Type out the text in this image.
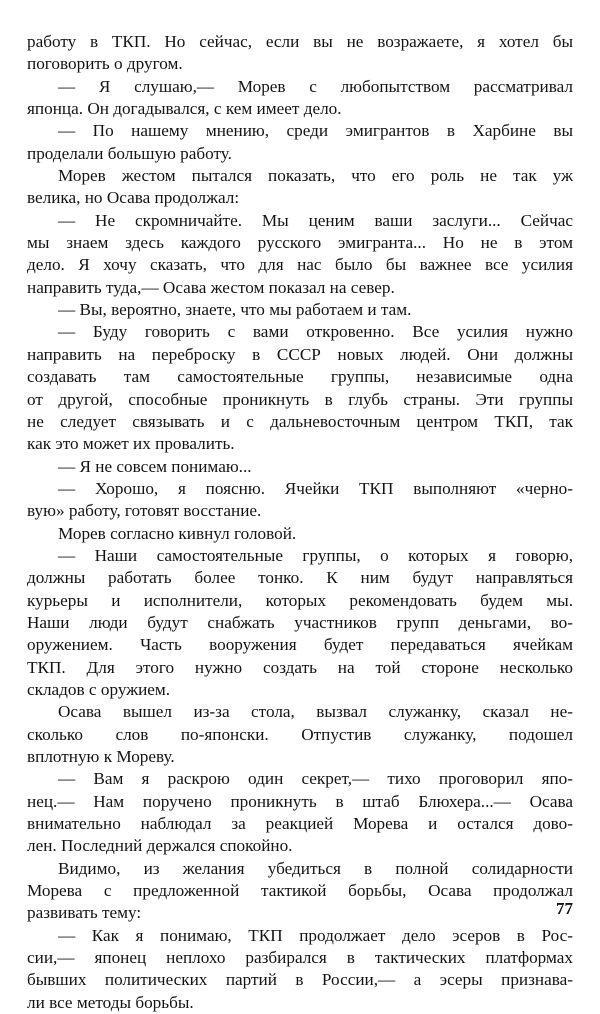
работу в ТКП. Но сейчас, если вы не возражаете, я хотел бы
поговорить о другом.
— Я слушаю,— Морев с любопытством рассматривал
японца. Он догадывался, с кем имеет дело.
— По нашему мнению, среди эмигрантов в Харбине вы
проделали большую работу.
Морев жестом пытался показать, что его роль не так уж
велика, но Осава продолжал:
— Не скромничайте. Мы ценим ваши заслуги... Сейчас
мы знаем здесь каждого русского эмигранта... Но не в этом
дело. Я хочу сказать, что для нас было бы важнее все усилия
направить туда,— Осава жестом показал на север.
— Вы, вероятно, знаете, что мы работаем и там.
— Буду говорить с вами откровенно. Все усилия нужно
направить на переброску в СССР новых людей. Они должны
создавать там самостоятельные группы, независимые одна
от другой, способные проникнуть в глубь страны. Эти группы
не следует связывать и с дальневосточным центром ТКП, так
как это может их провалить.
— Я не совсем понимаю...
— Хорошо, я поясню. Ячейки ТКП выполняют «черно-
вую» работу, готовят восстание.
Морев согласно кивнул головой.
— Наши самостоятельные группы, о которых я говорю,
должны работать более тонко. К ним будут направляться
курьеры и исполнители, которых рекомендовать будем мы.
Наши люди будут снабжать участников групп деньгами, во-
оружением. Часть вооружения будет передаваться ячейкам
ТКП. Для этого нужно создать на той стороне несколько
складов с оружием.
Осава вышел из-за стола, вызвал служанку, сказал не-
сколько слов по-японски. Отпустив служанку, подошел
вплотную к Мореву.
— Вам я раскрою один секрет,— тихо проговорил япо-
нец.— Нам поручено проникнуть в штаб Блюхера...— Осава
внимательно наблюдал за реакцией Морева и остался дово-
лен. Последний держался спокойно.
Видимо, из желания убедиться в полной солидарности
Морева с предложенной тактикой борьбы, Осава продолжал
развивать тему:
— Как я понимаю, ТКП продолжает дело эсеров в Рос-
сии,— японец неплохо разбирался в тактических платформах
бывших политических партий в России,— а эсеры признава-
ли все методы борьбы.
77
